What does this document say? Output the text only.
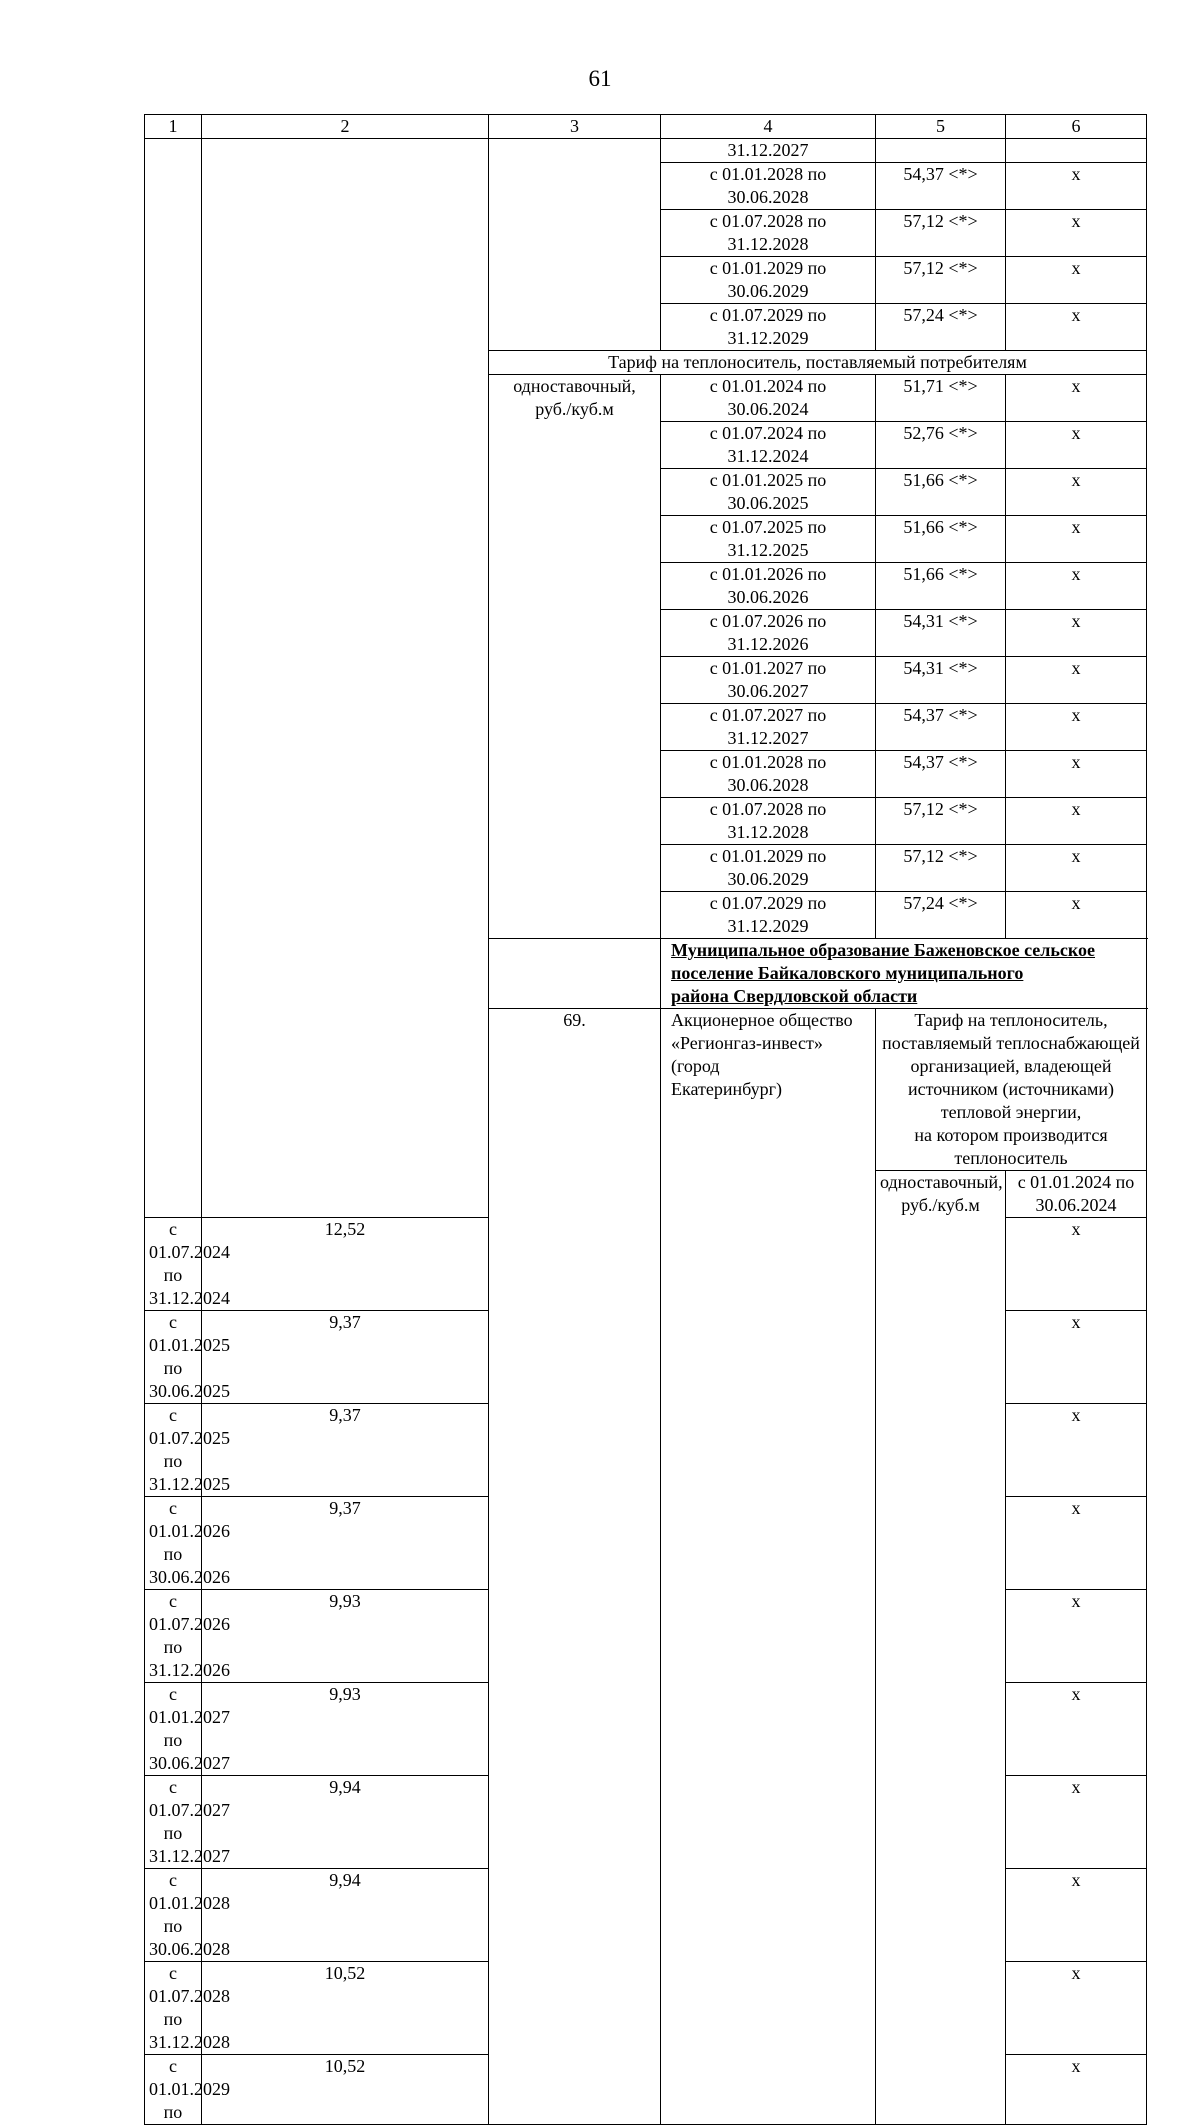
61
1	2	3	4	5	6	
			31.12.2027			

			с 01.01.2028 по
30.06.2028	54,37 <*>	х	

			с 01.07.2028 по
31.12.2028	57,12 <*>	х	

			с 01.01.2029 по
30.06.2029	57,12 <*>	х	

			с 01.07.2029 по
31.12.2029	57,24 <*>	х	
		Тариф на теплоноситель, поставляемый потребителям				

		одноставочный,
руб./куб.м	с 01.01.2024 по
30.06.2024	51,71 <*>	х	

			с 01.07.2024 по
31.12.2024	52,76 <*>	х	

			с 01.01.2025 по
30.06.2025	51,66 <*>	х	

			с 01.07.2025 по
31.12.2025	51,66 <*>	х	

			с 01.01.2026 по
30.06.2026	51,66 <*>	х	

			с 01.07.2026 по
31.12.2026	54,31 <*>	х	

			с 01.01.2027 по
30.06.2027	54,31 <*>	х	

			с 01.07.2027 по
31.12.2027	54,37 <*>	х	

			с 01.01.2028 по
30.06.2028	54,37 <*>	х	

			с 01.07.2028 по
31.12.2028	57,12 <*>	х	

			с 01.01.2029 по
30.06.2029	57,12 <*>	х	

			с 01.07.2029 по
31.12.2029	57,24 <*>	х	

			Муниципальное образование Баженовское сельское поселение Байкаловского муниципального
района Свердловской области			

		69.	Акционерное общество
«Регионгаз-инвест» (город
Екатеринбург)	Тариф на теплоноситель, поставляемый теплоснабжающей
организацией, владеющей источником (источниками) тепловой энергии,
на котором производится теплоноситель		

				одноставочный,
руб./куб.м	с 01.01.2024 по
30.06.2024

с 01.07.2024 по
31.12.2024	12,52				х	

с 01.01.2025 по
30.06.2025	9,37				х	

с 01.07.2025 по
31.12.2025	9,37				х	

с 01.01.2026 по
30.06.2026	9,37				х	

с 01.07.2026 по
31.12.2026	9,93				х	

с 01.01.2027 по
30.06.2027	9,93				х	

с 01.07.2027 по
31.12.2027	9,94				х	

с 01.01.2028 по
30.06.2028	9,94				х	

с 01.07.2028 по
31.12.2028	10,52				х	
с 01.01.2029 по	10,52				х	
